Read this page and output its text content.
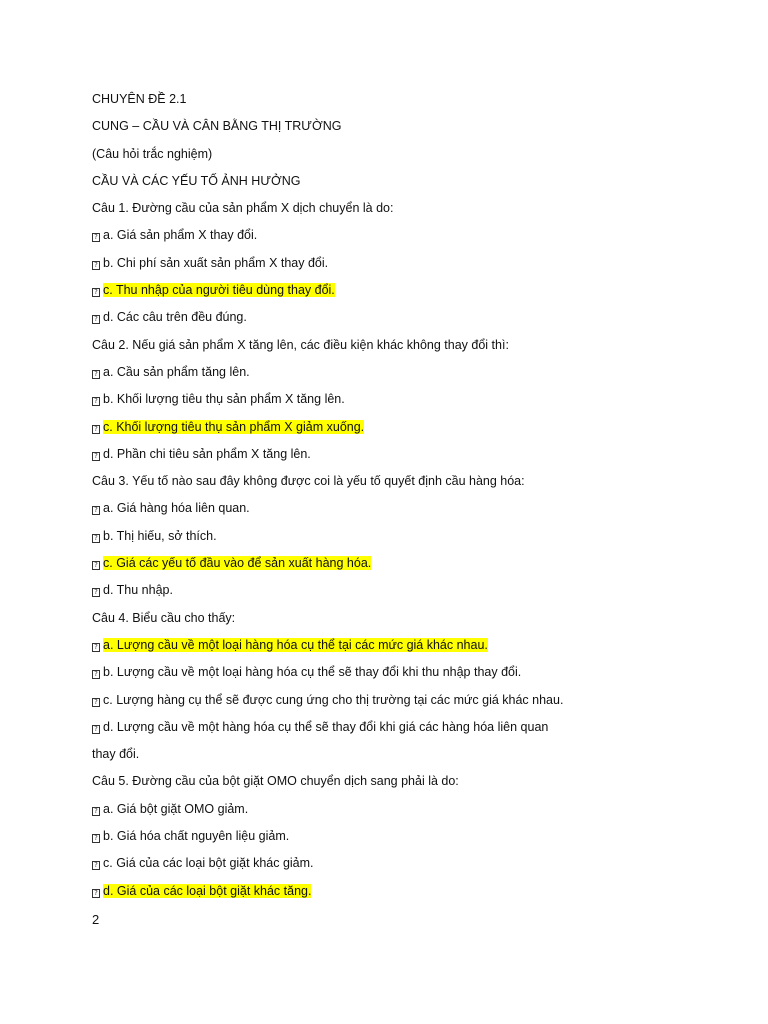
CHUYÊN ĐỀ 2.1
CUNG – CẦU VÀ CÂN BẰNG THỊ TRƯỜNG
(Câu hỏi trắc nghiệm)
CẦU VÀ CÁC YẾU TỐ ẢNH HƯỞNG
Câu 1. Đường cầu của sản phẩm X dịch chuyển là do:
? a. Giá sản phẩm X thay đổi.
? b. Chi phí sản xuất sản phẩm X thay đổi.
? c. Thu nhập của người tiêu dùng thay đổi.
? d. Các câu trên đều đúng.
Câu 2. Nếu giá sản phẩm X tăng lên, các điều kiện khác không thay đổi thì:
? a. Cầu sản phẩm tăng lên.
? b. Khối lượng tiêu thụ sản phẩm X tăng lên.
? c. Khối lượng tiêu thụ sản phẩm X giảm xuống.
? d. Phần chi tiêu sản phẩm X tăng lên.
Câu 3. Yếu tố nào sau đây không được coi là yếu tố quyết định cầu hàng hóa:
? a. Giá hàng hóa liên quan.
? b. Thị hiếu, sở thích.
? c. Giá các yếu tố đầu vào để sản xuất hàng hóa.
? d. Thu nhập.
Câu 4. Biểu cầu cho thấy:
? a. Lượng cầu về một loại hàng hóa cụ thể tại các mức giá khác nhau.
? b. Lượng cầu về một loại hàng hóa cụ thể sẽ thay đổi khi thu nhập thay đổi.
? c. Lượng hàng cụ thể sẽ được cung ứng cho thị trường tại các mức giá khác nhau.
? d. Lượng cầu về một hàng hóa cụ thể sẽ thay đổi khi giá các hàng hóa liên quan
thay đổi.
Câu 5. Đường cầu của bột giặt OMO chuyển dịch sang phải là do:
? a. Giá bột giặt OMO giảm.
? b. Giá hóa chất nguyên liệu giảm.
? c. Giá của các loại bột giặt khác giảm.
? d. Giá của các loại bột giặt khác tăng.
2
